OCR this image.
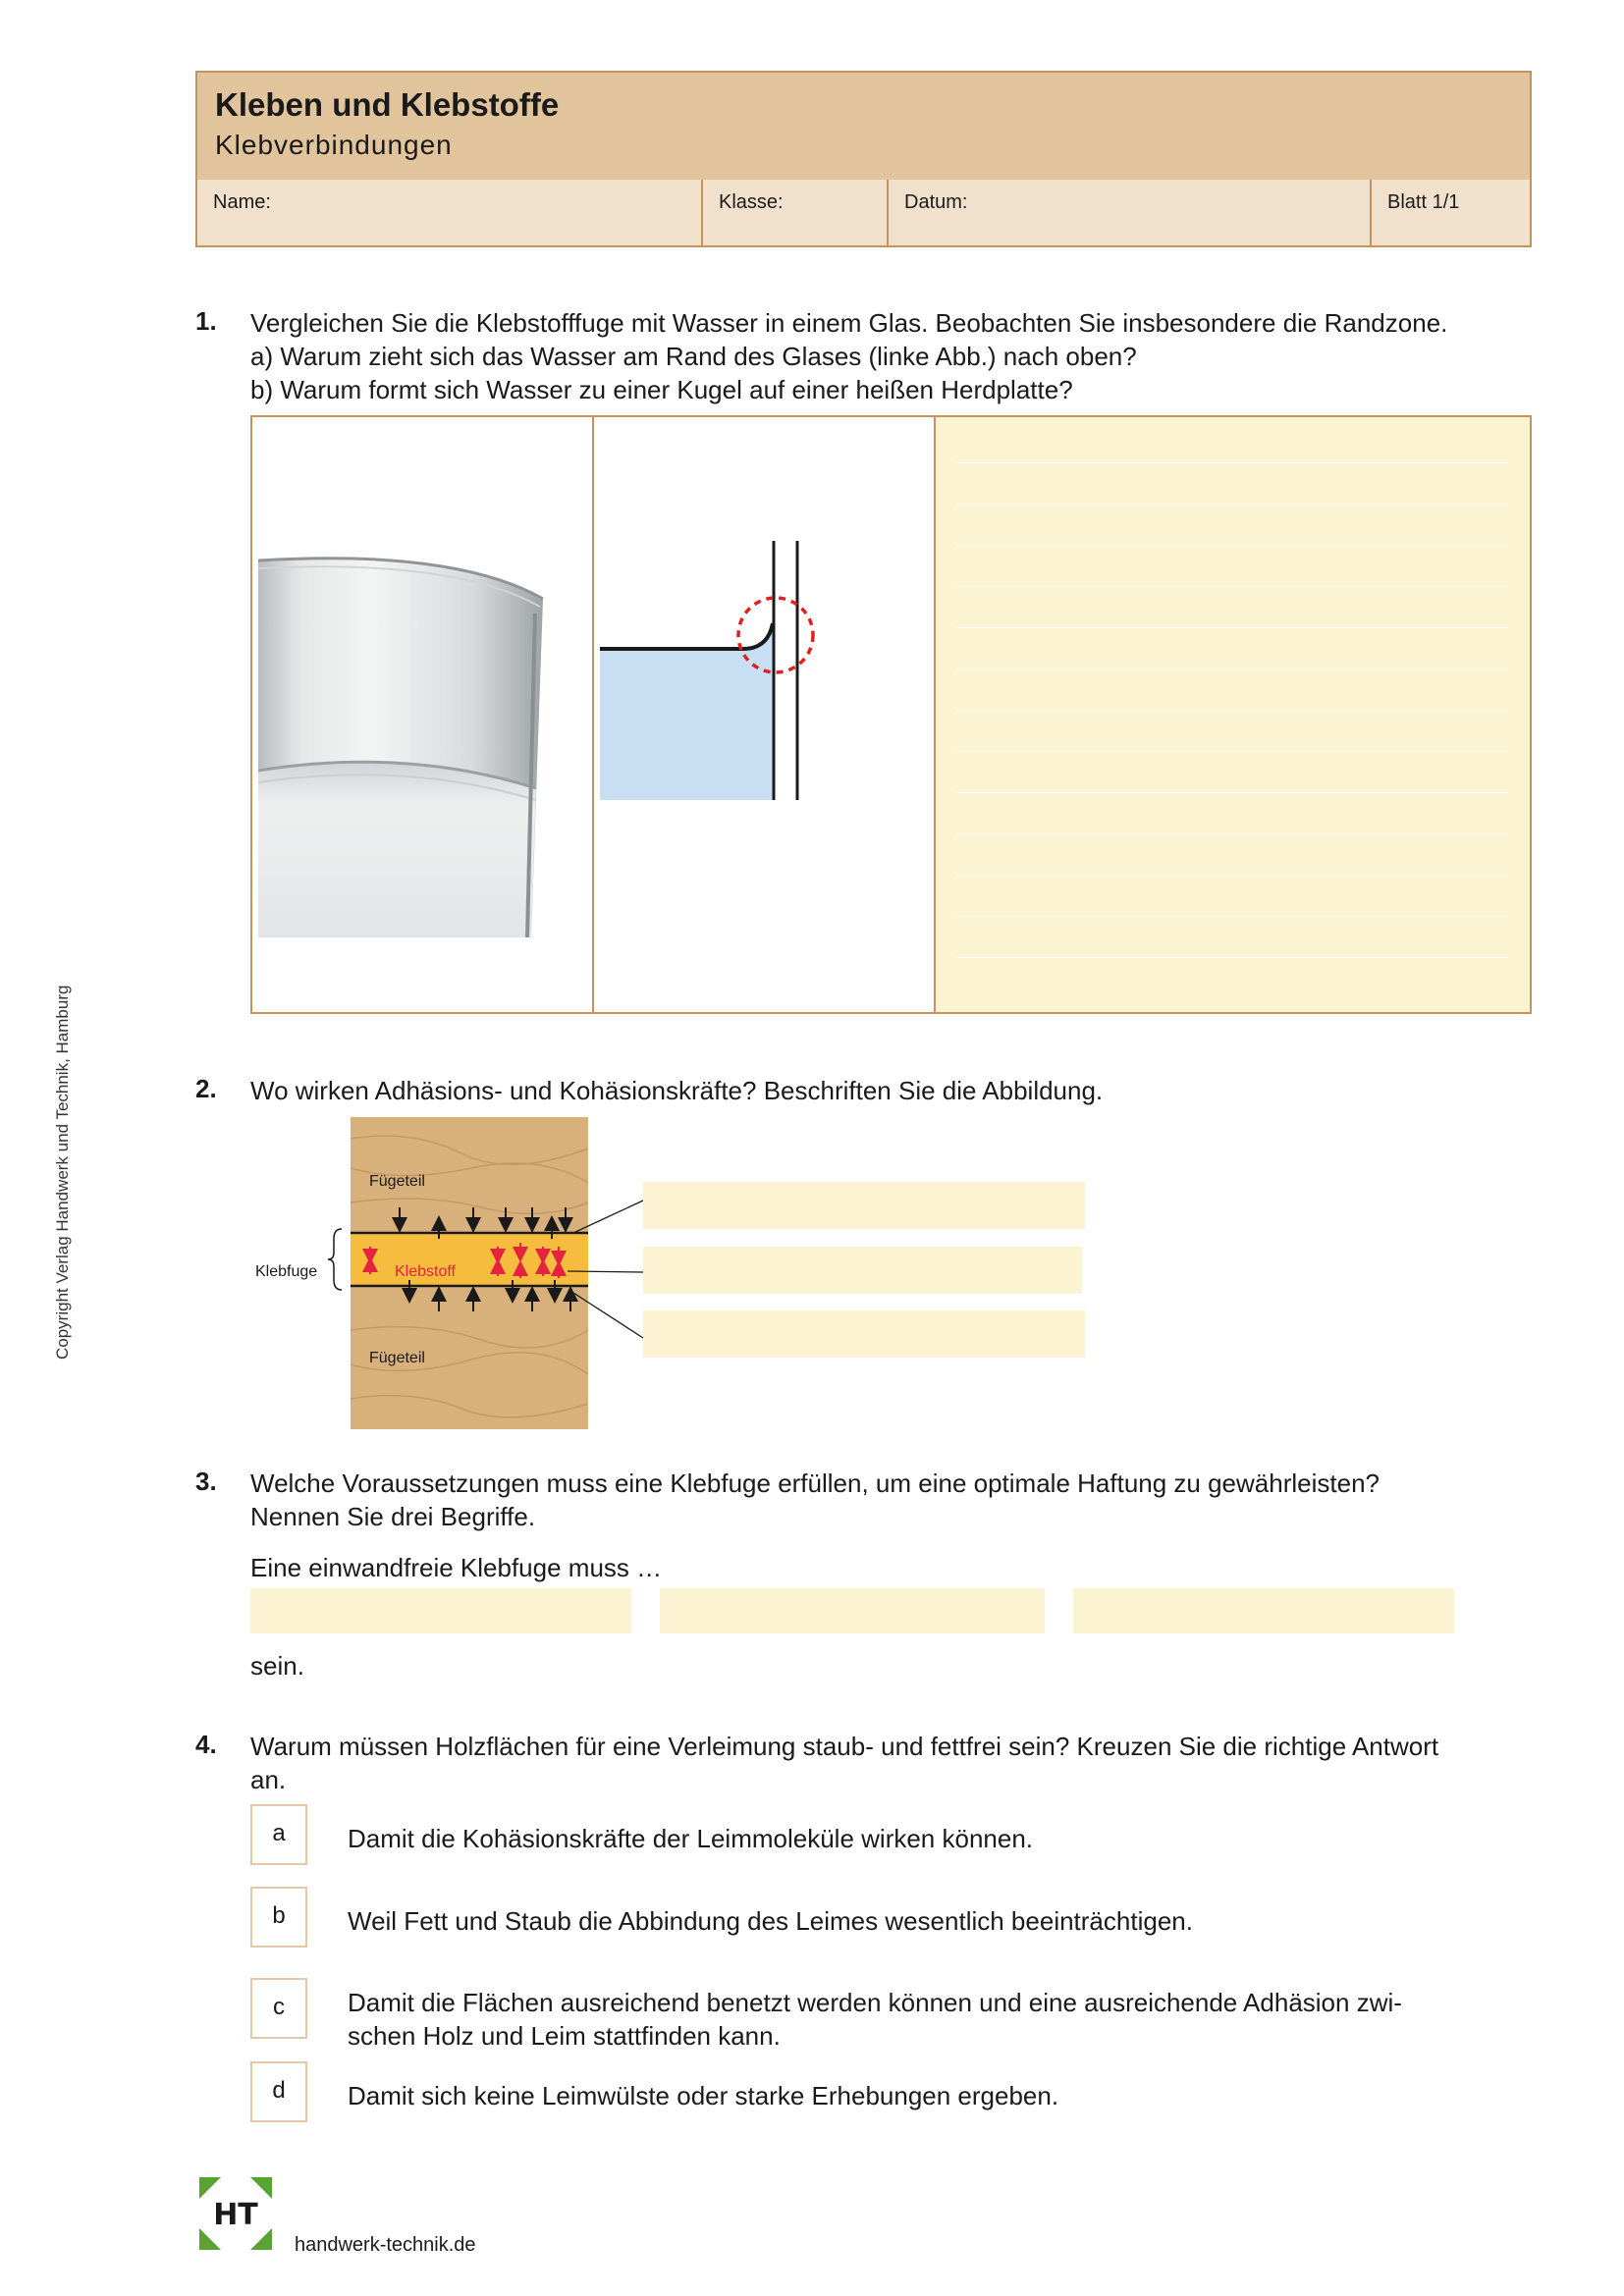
Kleben und Klebstoffe
Klebverbindungen
Name:	Klasse:	Datum:	Blatt 1/1
Copyright Verlag Handwerk und Technik, Hamburg
1. Vergleichen Sie die Klebstofffuge mit Wasser in einem Glas. Beobachten Sie insbesondere die Randzone.
a) Warum zieht sich das Wasser am Rand des Glases (linke Abb.) nach oben?
b) Warum formt sich Wasser zu einer Kugel auf einer heißen Herdplatte?
2. Wo wirken Adhäsions- und Kohäsionskräfte? Beschriften Sie die Abbildung.
Fügeteil
Klebstoff
Fügeteil
Klebfuge
3. Welche Voraussetzungen muss eine Klebfuge erfüllen, um eine optimale Haftung zu gewährleisten?
Nennen Sie drei Begriffe.
Eine einwandfreie Klebfuge muss …
sein.
4. Warum müssen Holzflächen für eine Verleimung staub- und fettfrei sein? Kreuzen Sie die richtige Antwort
an.
a	Damit die Kohäsionskräfte der Leimmoleküle wirken können.
b	Weil Fett und Staub die Abbindung des Leimes wesentlich beeinträchtigen.
c	Damit die Flächen ausreichend benetzt werden können und eine ausreichende Adhäsion zwi-
schen Holz und Leim stattfinden kann.
d	Damit sich keine Leimwülste oder starke Erhebungen ergeben.
HT
handwerk-technik.de
